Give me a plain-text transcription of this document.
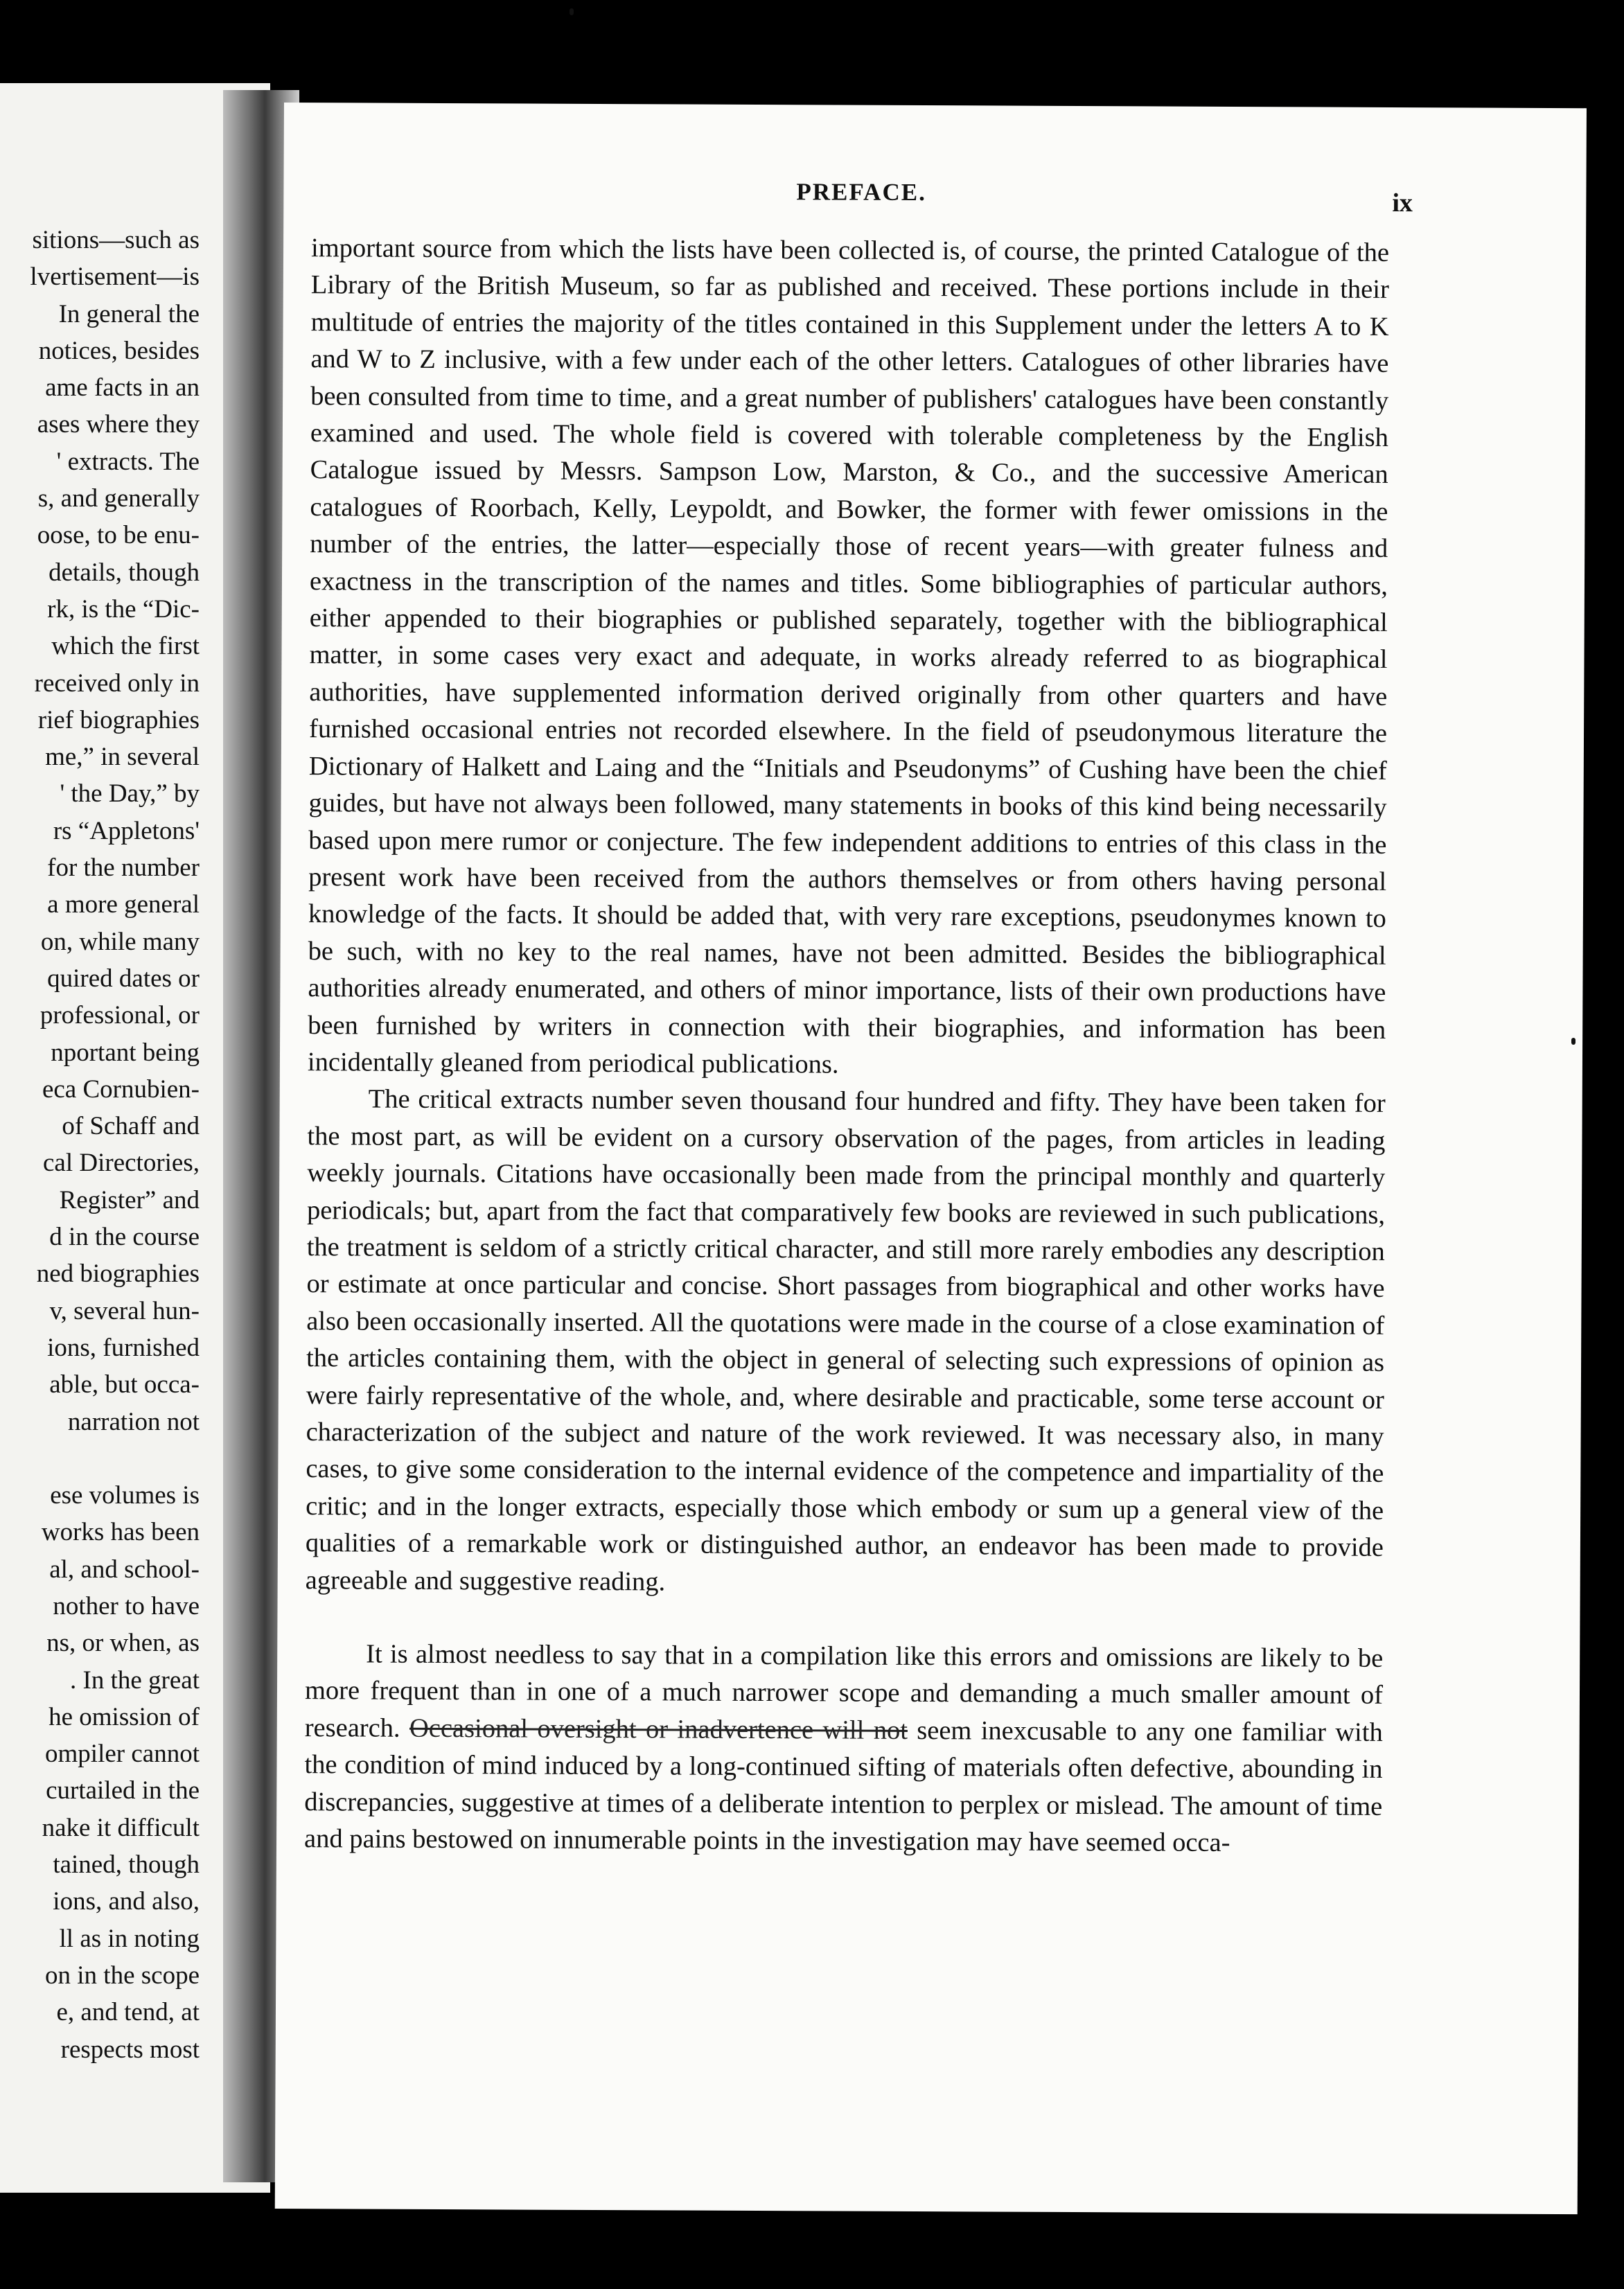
sitions—such as
lvertisement—is
In general the
notices, besides
ame facts in an
ases where they
' extracts. The
s, and generally
oose, to be enu-
details, though
rk, is the “Dic-
which the first
received only in
rief biographies
me,” in several
' the Day,” by
rs “Appletons'
for the number
a more general
on, while many
quired dates or
professional, or
nportant being
eca Cornubien-
of Schaff and
cal Directories,
Register” and
d in the course
ned biographies
v, several hun-
ions, furnished
able, but occa-
narration not
ese volumes is
works has been
al, and school-
nother to have
ns, or when, as
. In the great
he omission of
ompiler cannot
curtailed in the
nake it difficult
tained, though
ions, and also,
ll as in noting
on in the scope
e, and tend, at
respects most
PREFACE.	ix

important source from which the lists have been collected is, of course, the printed Catalogue of the Library of the British Museum, so far as published and received. These portions include in their multitude of entries the majority of the titles contained in this Supplement under the letters A to K and W to Z inclusive, with a few under each of the other letters. Catalogues of other libraries have been consulted from time to time, and a great number of publishers' catalogues have been constantly examined and used. The whole field is covered with tolerable completeness by the English Catalogue issued by Messrs. Sampson Low, Marston, & Co., and the successive American catalogues of Roorbach, Kelly, Leypoldt, and Bowker, the former with fewer omissions in the number of the entries, the latter—especially those of recent years—with greater fulness and exactness in the transcription of the names and titles. Some bibliographies of particular authors, either appended to their biographies or published separately, together with the bibliographical matter, in some cases very exact and adequate, in works already referred to as biographical authorities, have supplemented information derived originally from other quarters and have furnished occasional entries not recorded elsewhere. In the field of pseudonymous literature the Dictionary of Halkett and Laing and the “Initials and Pseudonyms” of Cushing have been the chief guides, but have not always been followed, many statements in books of this kind being necessarily based upon mere rumor or conjecture. The few independent additions to entries of this class in the present work have been received from the authors themselves or from others having personal knowledge of the facts. It should be added that, with very rare exceptions, pseudonymes known to be such, with no key to the real names, have not been admitted. Besides the bibliographical authorities already enumerated, and others of minor importance, lists of their own productions have been furnished by writers in connection with their biographies, and information has been incidentally gleaned from periodical publications.

The critical extracts number seven thousand four hundred and fifty. They have been taken for the most part, as will be evident on a cursory observation of the pages, from articles in leading weekly journals. Citations have occasionally been made from the principal monthly and quarterly periodicals; but, apart from the fact that comparatively few books are reviewed in such publications, the treatment is seldom of a strictly critical character, and still more rarely embodies any description or estimate at once particular and concise. Short passages from biographical and other works have also been occasionally inserted. All the quotations were made in the course of a close examination of the articles containing them, with the object in general of selecting such expressions of opinion as were fairly representative of the whole, and, where desirable and practicable, some terse account or characterization of the subject and nature of the work reviewed. It was necessary also, in many cases, to give some consideration to the internal evidence of the competence and impartiality of the critic; and in the longer extracts, especially those which embody or sum up a general view of the qualities of a remarkable work or distinguished author, an endeavor has been made to provide agreeable and suggestive reading.

It is almost needless to say that in a compilation like this errors and omissions are likely to be more frequent than in one of a much narrower scope and demanding a much smaller amount of research. Occasional oversight or inadvertence will not seem inexcusable to any one familiar with the condition of mind induced by a long-continued sifting of materials often defective, abounding in discrepancies, suggestive at times of a deliberate intention to perplex or mislead. The amount of time and pains bestowed on innumerable points in the investigation may have seemed occa-
